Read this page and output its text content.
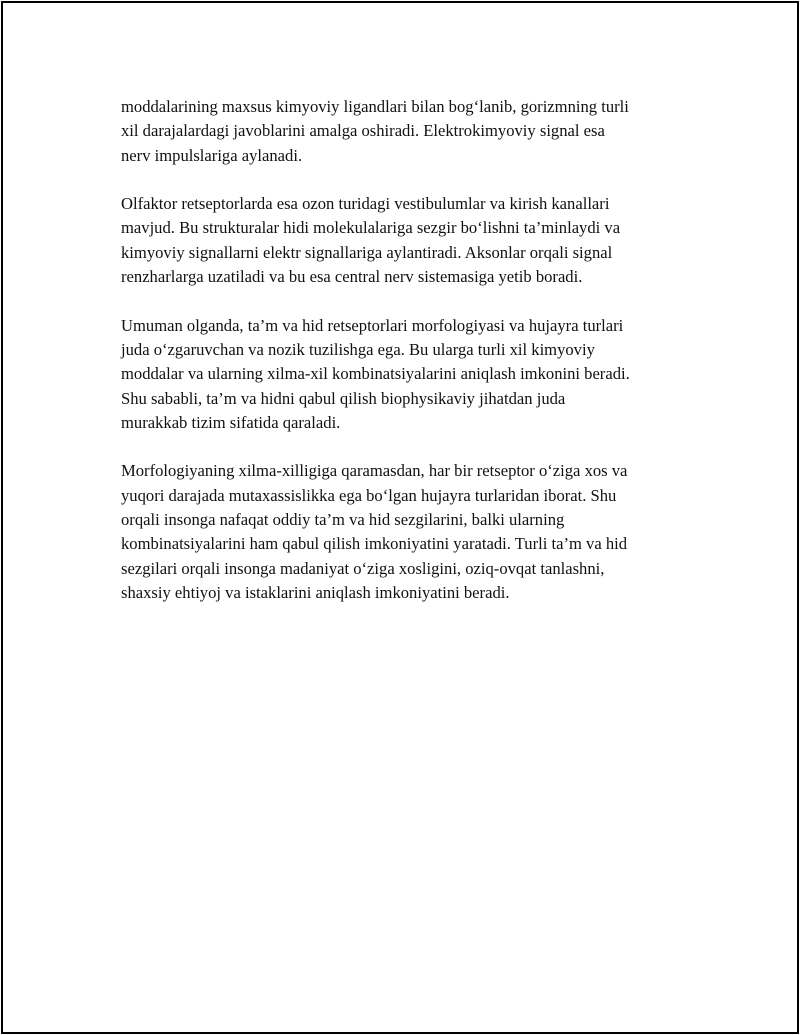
moddalarining maxsus kimyoviy ligandlari bilan bog‘lanib, gorizmning turli
xil darajalardagi javoblarini amalga oshiradi. Elektrokimyoviy signal esa
nerv impulslariga aylanadi.

Olfaktor retseptorlarda esa ozon turidagi vestibulumlar va kirish kanallari
mavjud. Bu strukturalar hidi molekulalariga sezgir bo‘lishni ta’minlaydi va
kimyoviy signallarni elektr signallariga aylantiradi. Aksonlar orqali signal
renzharlarga uzatiladi va bu esa central nerv sistemasiga yetib boradi.

Umuman olganda, ta’m va hid retseptorlari morfologiyasi va hujayra turlari
juda o‘zgaruvchan va nozik tuzilishga ega. Bu ularga turli xil kimyoviy
moddalar va ularning xilma-xil kombinatsiyalarini aniqlash imkonini beradi.
Shu sababli, ta’m va hidni qabul qilish biophysikaviy jihatdan juda
murakkab tizim sifatida qaraladi.

Morfologiyaning xilma-xilligiga qaramasdan, har bir retseptor o‘ziga xos va
yuqori darajada mutaxassislikka ega bo‘lgan hujayra turlaridan iborat. Shu
orqali insonga nafaqat oddiy ta’m va hid sezgilarini, balki ularning
kombinatsiyalarini ham qabul qilish imkoniyatini yaratadi. Turli ta’m va hid
sezgilari orqali insonga madaniyat o‘ziga xosligini, oziq-ovqat tanlashni,
shaxsiy ehtiyoj va istaklarini aniqlash imkoniyatini beradi.
